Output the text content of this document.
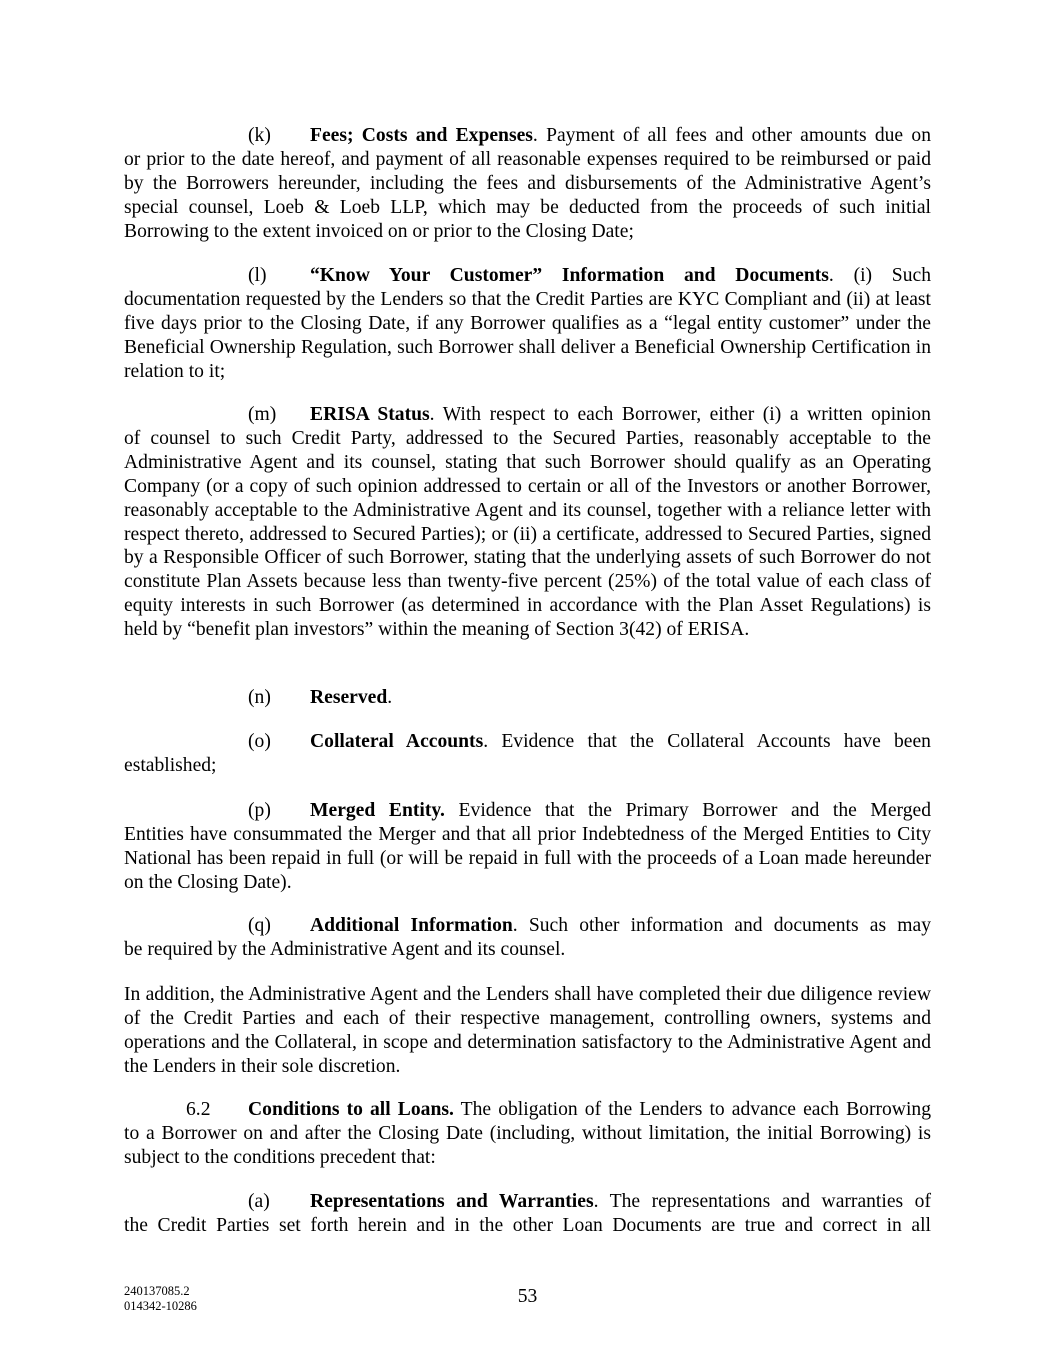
(k) Fees; Costs and Expenses. Payment of all fees and other amounts due on
or prior to the date hereof, and payment of all reasonable expenses required to be reimbursed or paid by the Borrowers hereunder, including the fees and disbursements of the Administrative Agent’s special counsel, Loeb & Loeb LLP, which may be deducted from the proceeds of such initial Borrowing to the extent invoiced on or prior to the Closing Date;
(l) “Know Your Customer” Information and Documents. (i) Such
documentation requested by the Lenders so that the Credit Parties are KYC Compliant and (ii) at least five days prior to the Closing Date, if any Borrower qualifies as a “legal entity customer” under the Beneficial Ownership Regulation, such Borrower shall deliver a Beneficial Ownership Certification in relation to it;
(m) ERISA Status. With respect to each Borrower, either (i) a written opinion
of counsel to such Credit Party, addressed to the Secured Parties, reasonably acceptable to the Administrative Agent and its counsel, stating that such Borrower should qualify as an Operating Company (or a copy of such opinion addressed to certain or all of the Investors or another Borrower, reasonably acceptable to the Administrative Agent and its counsel, together with a reliance letter with respect thereto, addressed to Secured Parties); or (ii) a certificate, addressed to Secured Parties, signed by a Responsible Officer of such Borrower, stating that the underlying assets of such Borrower do not constitute Plan Assets because less than twenty-five percent (25%) of the total value of each class of equity interests in such Borrower (as determined in accordance with the Plan Asset Regulations) is held by “benefit plan investors” within the meaning of Section 3(42) of ERISA.
(n) Reserved.
(o) Collateral Accounts. Evidence that the Collateral Accounts have been
established;
(p) Merged Entity. Evidence that the Primary Borrower and the Merged
Entities have consummated the Merger and that all prior Indebtedness of the Merged Entities to City National has been repaid in full (or will be repaid in full with the proceeds of a Loan made hereunder on the Closing Date).
(q) Additional Information. Such other information and documents as may
be required by the Administrative Agent and its counsel.
In addition, the Administrative Agent and the Lenders shall have completed their due diligence review of the Credit Parties and each of their respective management, controlling owners, systems and operations and the Collateral, in scope and determination satisfactory to the Administrative Agent and the Lenders in their sole discretion.
6.2 Conditions to all Loans. The obligation of the Lenders to advance each Borrowing
to a Borrower on and after the Closing Date (including, without limitation, the initial Borrowing) is subject to the conditions precedent that:
(a) Representations and Warranties. The representations and warranties of
the Credit Parties set forth herein and in the other Loan Documents are true and correct in all
240137085.2
014342-10286	53
